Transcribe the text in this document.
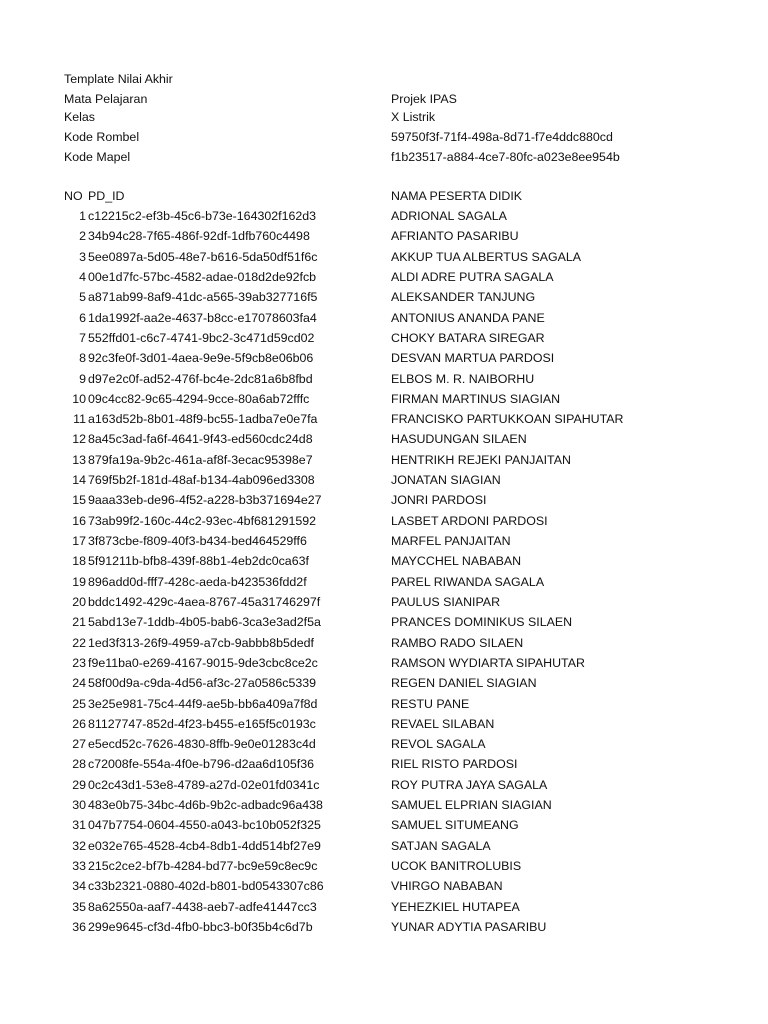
Template Nilai Akhir
Mata Pelajaran	Projek IPAS
Kelas	X Listrik
Kode Rombel	59750f3f-71f4-498a-8d71-f7e4ddc880cd
Kode Mapel	f1b23517-a884-4ce7-80fc-a023e8ee954b
NO PD_ID	NAMA PESERTA DIDIK
1 c12215c2-ef3b-45c6-b73e-164302f162d3	ADRIONAL SAGALA
2 34b94c28-7f65-486f-92df-1dfb760c4498	AFRIANTO PASARIBU
3 5ee0897a-5d05-48e7-b616-5da50df51f6c	AKKUP TUA ALBERTUS SAGALA
4 00e1d7fc-57bc-4582-adae-018d2de92fcb	ALDI ADRE PUTRA SAGALA
5 a871ab99-8af9-41dc-a565-39ab327716f5	ALEKSANDER TANJUNG
6 1da1992f-aa2e-4637-b8cc-e17078603fa4	ANTONIUS ANANDA PANE
7 552ffd01-c6c7-4741-9bc2-3c471d59cd02	CHOKY BATARA SIREGAR
8 92c3fe0f-3d01-4aea-9e9e-5f9cb8e06b06	DESVAN MARTUA PARDOSI
9 d97e2c0f-ad52-476f-bc4e-2dc81a6b8fbd	ELBOS M. R. NAIBORHU
10 09c4cc82-9c65-4294-9cce-80a6ab72fffc	FIRMAN MARTINUS SIAGIAN
11 a163d52b-8b01-48f9-bc55-1adba7e0e7fa	FRANCISKO PARTUKKOAN SIPAHUTAR
12 8a45c3ad-fa6f-4641-9f43-ed560cdc24d8	HASUDUNGAN SILAEN
13 879fa19a-9b2c-461a-af8f-3ecac95398e7	HENTRIKH REJEKI PANJAITAN
14 769f5b2f-181d-48af-b134-4ab096ed3308	JONATAN SIAGIAN
15 9aaa33eb-de96-4f52-a228-b3b371694e27	JONRI PARDOSI
16 73ab99f2-160c-44c2-93ec-4bf681291592	LASBET ARDONI PARDOSI
17 3f873cbe-f809-40f3-b434-bed464529ff6	MARFEL PANJAITAN
18 5f91211b-bfb8-439f-88b1-4eb2dc0ca63f	MAYCCHEL NABABAN
19 896add0d-fff7-428c-aeda-b423536fdd2f	PAREL RIWANDA SAGALA
20 bddc1492-429c-4aea-8767-45a31746297f	PAULUS SIANIPAR
21 5abd13e7-1ddb-4b05-bab6-3ca3e3ad2f5a	PRANCES DOMINIKUS SILAEN
22 1ed3f313-26f9-4959-a7cb-9abbb8b5dedf	RAMBO RADO SILAEN
23 f9e11ba0-e269-4167-9015-9de3cbc8ce2c	RAMSON WYDIARTA SIPAHUTAR
24 58f00d9a-c9da-4d56-af3c-27a0586c5339	REGEN DANIEL SIAGIAN
25 3e25e981-75c4-44f9-ae5b-bb6a409a7f8d	RESTU PANE
26 81127747-852d-4f23-b455-e165f5c0193c	REVAEL SILABAN
27 e5ecd52c-7626-4830-8ffb-9e0e01283c4d	REVOL SAGALA
28 c72008fe-554a-4f0e-b796-d2aa6d105f36	RIEL RISTO PARDOSI
29 0c2c43d1-53e8-4789-a27d-02e01fd0341c	ROY PUTRA JAYA SAGALA
30 483e0b75-34bc-4d6b-9b2c-adbadc96a438	SAMUEL ELPRIAN SIAGIAN
31 047b7754-0604-4550-a043-bc10b052f325	SAMUEL SITUMEANG
32 e032e765-4528-4cb4-8db1-4dd514bf27e9	SATJAN SAGALA
33 215c2ce2-bf7b-4284-bd77-bc9e59c8ec9c	UCOK BANITROLUBIS
34 c33b2321-0880-402d-b801-bd0543307c86	VHIRGO NABABAN
35 8a62550a-aaf7-4438-aeb7-adfe41447cc3	YEHEZKIEL HUTAPEA
36 299e9645-cf3d-4fb0-bbc3-b0f35b4c6d7b	YUNAR ADYTIA PASARIBU
